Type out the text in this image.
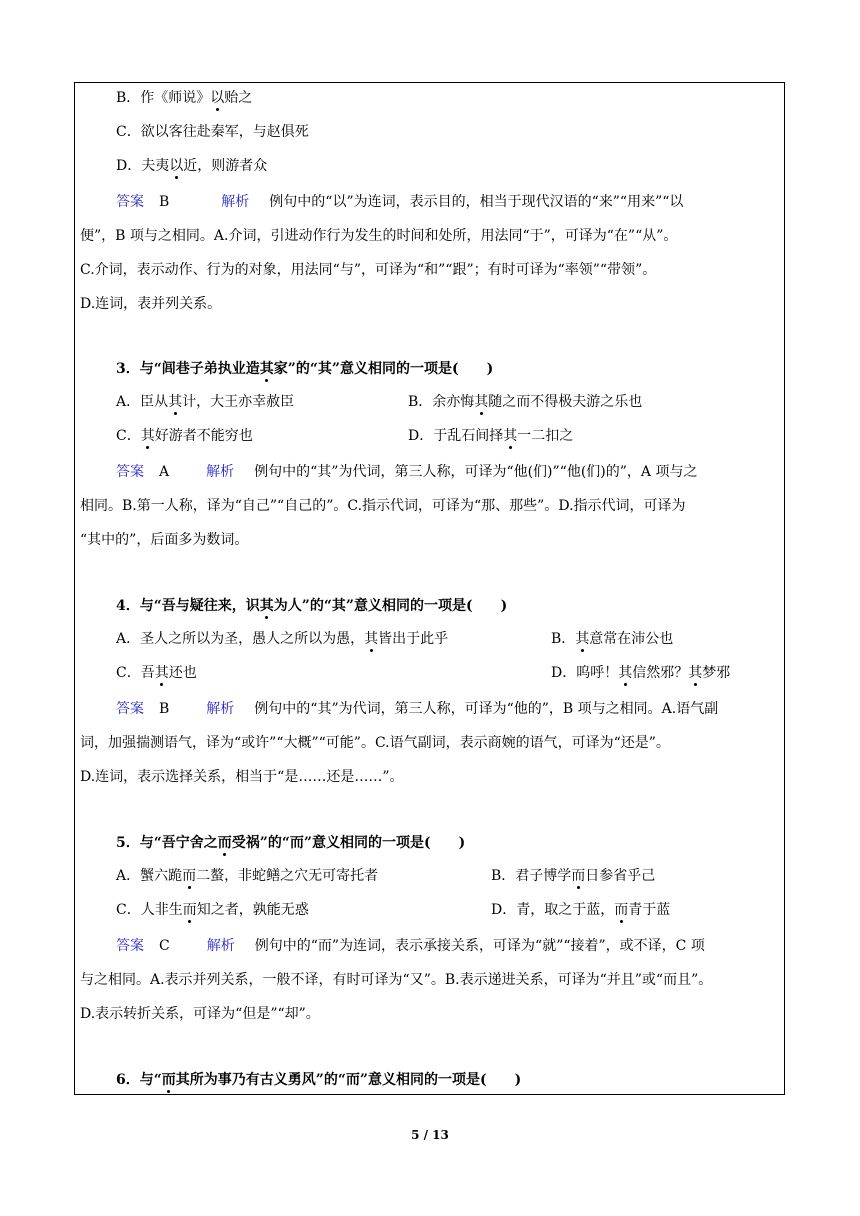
B．作《师说》以贻之
C．欲以客往赴秦军，与赵俱死
D．夫夷以近，则游者众
答案 B	解析 例句中的“以”为连词，表示目的，相当于现代汉语的“来”“用来”“以
便”，B 项与之相同。A.介词，引进动作行为发生的时间和处所，用法同“于”，可译为“在”“从”。
C.介词，表示动作、行为的对象，用法同“与”，可译为“和”“跟”；有时可译为“率领”“带领”。
D.连词，表并列关系。
3．与“闾巷子弟执业造其家”的“其”意义相同的一项是(　　)
A．臣从其计，大王亦幸赦臣	B．余亦悔其随之而不得极夫游之乐也
C．其好游者不能穷也	D．于乱石间择其一二扣之
答案 A	解析 例句中的“其”为代词，第三人称，可译为“他(们)”“他(们)的”，A 项与之
相同。B.第一人称，译为“自己”“自己的”。C.指示代词，可译为“那、那些”。D.指示代词，可译为
“其中的”，后面多为数词。
4．与“吾与疑往来，识其为人”的“其”意义相同的一项是(　　)
A．圣人之所以为圣，愚人之所以为愚，其皆出于此乎	B．其意常在沛公也
C．吾其还也	D．呜呼！其信然邪？其梦邪
答案 B	解析 例句中的“其”为代词，第三人称，可译为“他的”，B 项与之相同。A.语气副
词，加强揣测语气，译为“或许”“大概”“可能”。C.语气副词，表示商婉的语气，可译为“还是”。
D.连词，表示选择关系，相当于“是……还是……”。
5．与“吾宁舍之而受祸”的“而”意义相同的一项是(　　)
A．蟹六跪而二螯，非蛇鳝之穴无可寄托者	B．君子博学而日参省乎己
C．人非生而知之者，孰能无惑	D．青，取之于蓝，而青于蓝
答案 C	解析 例句中的“而”为连词，表示承接关系，可译为“就”“接着”，或不译，C 项
与之相同。A.表示并列关系，一般不译，有时可译为“又”。B.表示递进关系，可译为“并且”或“而且”。
D.表示转折关系，可译为“但是”“却”。
6．与“而其所为事乃有古义勇风”的“而”意义相同的一项是(　　)
5 / 13
